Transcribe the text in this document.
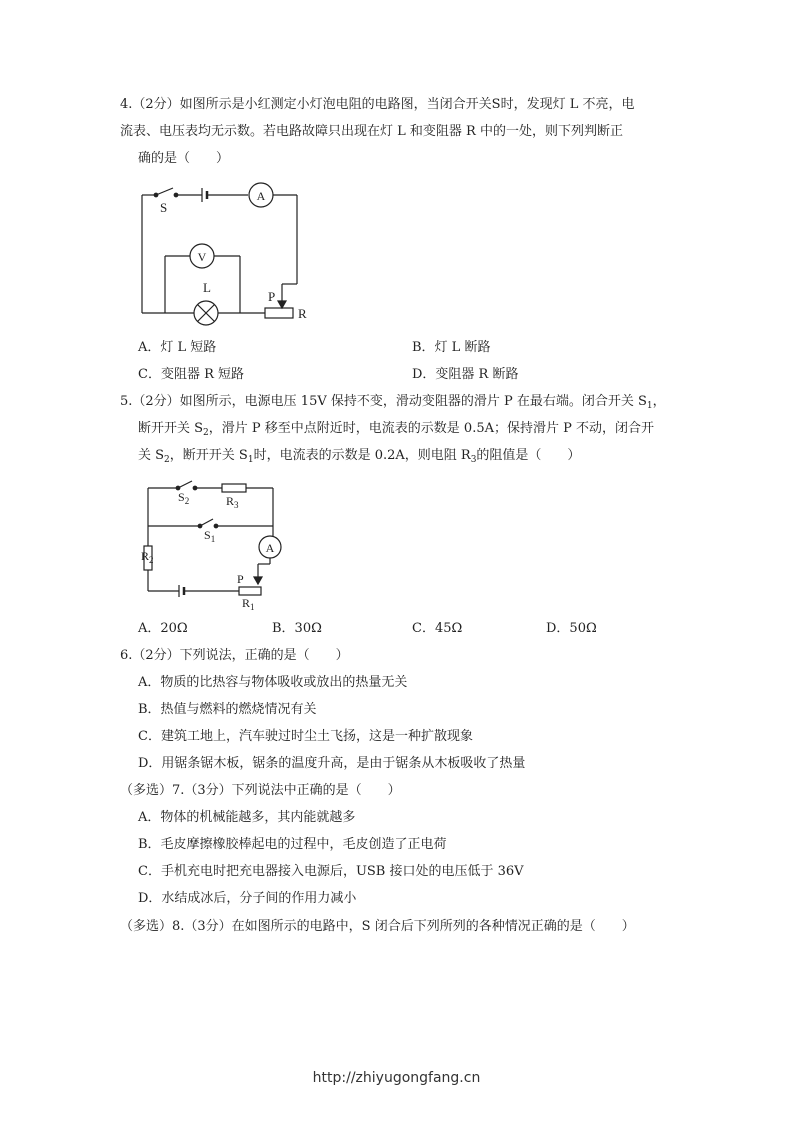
4.（2分）如图所示是小红测定小灯泡电阻的电路图，当闭合开关S时，发现灯 L 不亮，电
流表、电压表均无示数。若电路故障只出现在灯 L 和变阻器 R 中的一处，则下列判断正
确的是（　　）
S
A
V
L
P
R
A．灯 L 短路	B．灯 L 断路
C．变阻器 R 短路	D．变阻器 R 断路
5.（2分）如图所示，电源电压 15V 保持不变，滑动变阻器的滑片 P 在最右端。闭合开关 $S_1$，
断开开关 $S_2$，滑片 P 移至中点附近时，电流表的示数是 0.5A；保持滑片 P 不动，闭合开
关 $S_2$，断开开关 $S_1$时，电流表的示数是 0.2A，则电阻 $R_3$的阻值是（　　）
$S_2$	$R_3$
$S_1$
$R_2$
A
P
$R_1$
A．20Ω	B．30Ω	C．45Ω	D．50Ω
6.（2分）下列说法，正确的是（　　）
A．物质的比热容与物体吸收或放出的热量无关
B．热值与燃料的燃烧情况有关
C．建筑工地上，汽车驶过时尘土飞扬，这是一种扩散现象
D．用锯条锯木板，锯条的温度升高，是由于锯条从木板吸收了热量
（多选）7.（3分）下列说法中正确的是（　　）
A．物体的机械能越多，其内能就越多
B．毛皮摩擦橡胶棒起电的过程中，毛皮创造了正电荷
C．手机充电时把充电器接入电源后，USB 接口处的电压低于 36V
D．水结成冰后，分子间的作用力减小
（多选）8.（3分）在如图所示的电路中，S 闭合后下列所列的各种情况正确的是（　　）
http://zhiyugongfang.cn
